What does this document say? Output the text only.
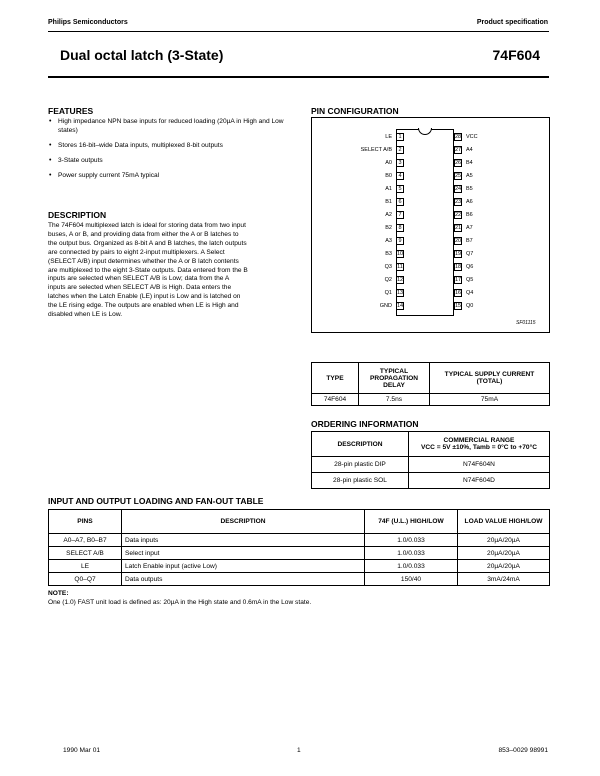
Philips Semiconductors	Product specification
Dual octal latch (3-State)	74F604
FEATURES
• High impedance NPN base inputs for reduced loading (20µA in High and Low states)
• Stores 16-bit–wide Data inputs, multiplexed 8-bit outputs
• 3-State outputs
• Power supply current 75mA typical
DESCRIPTION
The 74F604 multiplexed latch is ideal for storing data from two input
buses, A or B, and providing data from either the A or B latches to
the output bus. Organized as 8-bit A and B latches, the latch outputs
are connected by pairs to eight 2-input multiplexers. A Select
(SELECT A/B) input determines whether the A or B latch contents
are multiplexed to the eight 3-State outputs. Data entered from the B
inputs are selected when SELECT A/B is Low; data from the A
inputs are selected when SELECT A/B is High. Data enters the
latches when the Latch Enable (LE) input is Low and is latched on
the LE rising edge. The outputs are enabled when LE is High and
disabled when LE is Low.
PIN CONFIGURATION
1
LE
2
SELECT A/B
3
A0
4
B0
5
A1
6
B1
7
A2
8
B2
9
A3
10
B3
11
Q3
12
Q2
13
Q1
14
GND
28 VCC
27 A4
26 B4
25 A5
24 B5
23 A6
22 B6
21 A7
20 B7
19 Q7
18 Q6
17 Q5
16 Q4
15 Q0
SF01115
TYPE	TYPICAL PROPAGATION DELAY	TYPICAL SUPPLY CURRENT (TOTAL)
74F604	7.5ns	75mA
ORDERING INFORMATION
DESCRIPTION	COMMERCIAL RANGE
VCC = 5V ±10%, Tamb = 0°C to +70°C

28-pin plastic DIP	N74F604N
28-pin plastic SOL	N74F604D
INPUT AND OUTPUT LOADING AND FAN-OUT TABLE
PINS	DESCRIPTION	74F (U.L.) HIGH/LOW	LOAD VALUE HIGH/LOW
A0–A7, B0–B7	Data inputs	1.0/0.033	20µA/20µA
SELECT A/B	Select input	1.0/0.033	20µA/20µA
LE	Latch Enable input (active Low)	1.0/0.033	20µA/20µA
Q0–Q7	Data outputs	150/40	3mA/24mA
NOTE:
One (1.0) FAST unit load is defined as: 20µA in the High state and 0.6mA in the Low state.
1990 Mar 01	1	853–0029 98991
